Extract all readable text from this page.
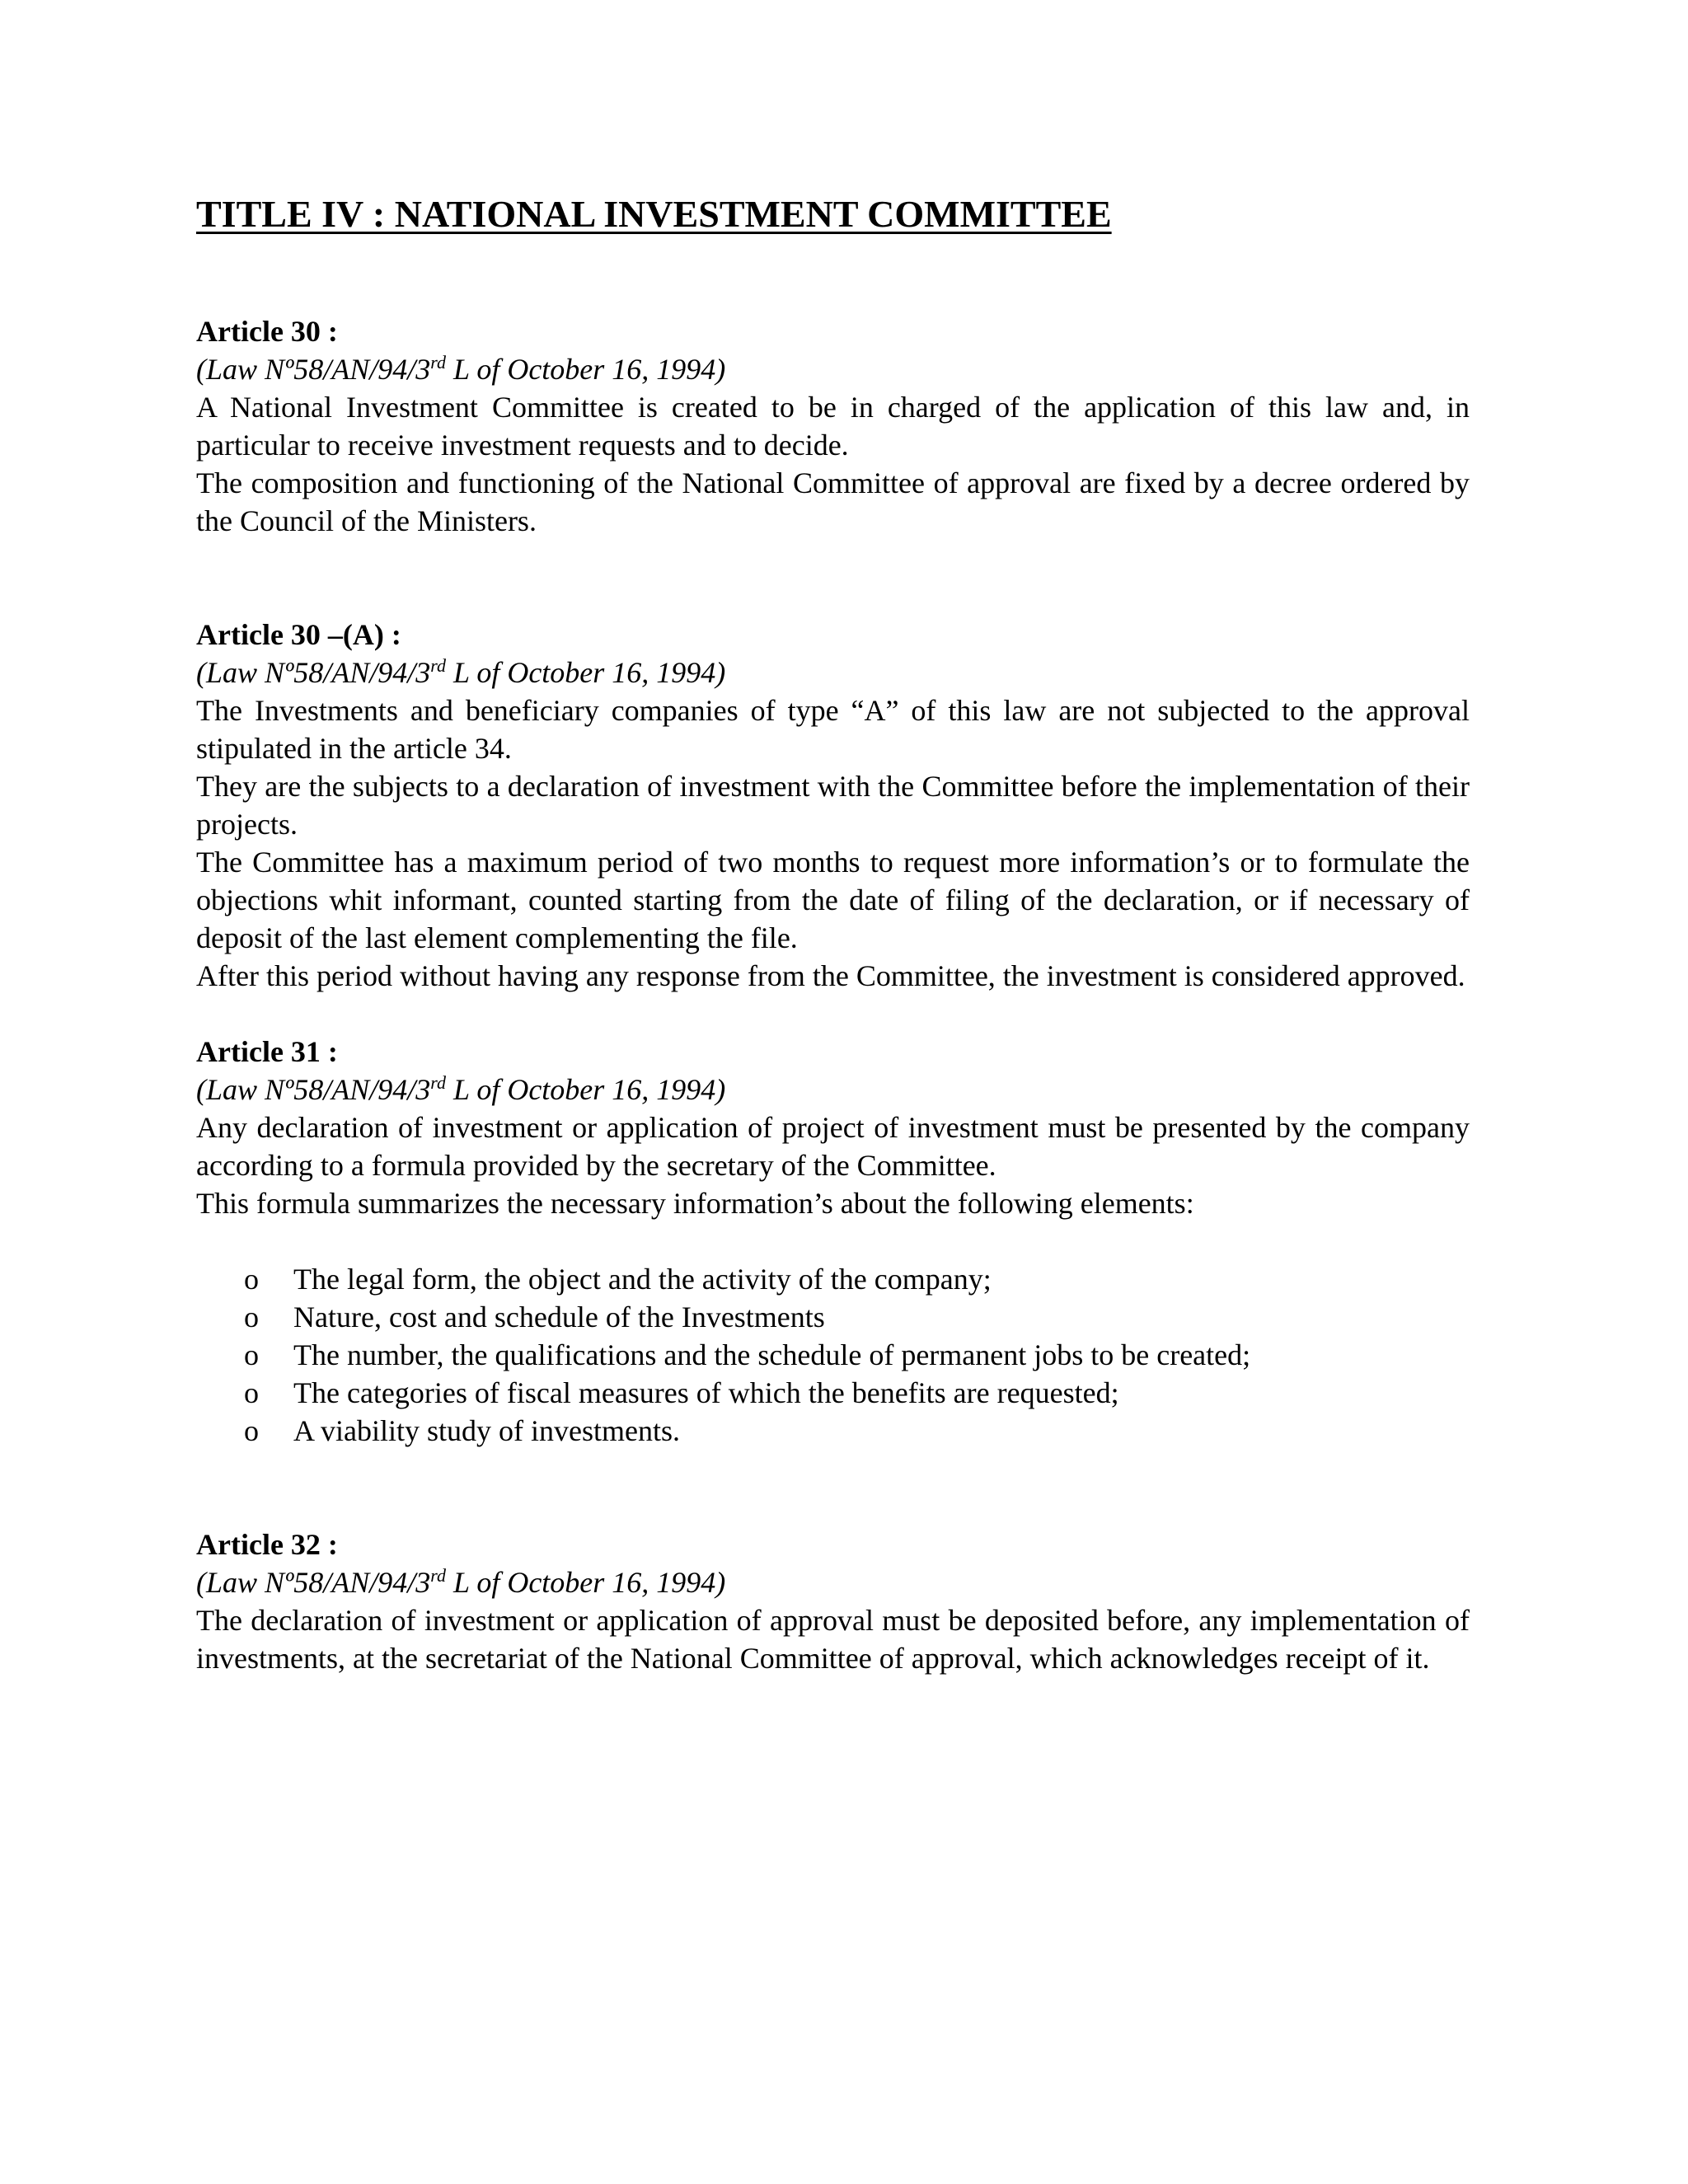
TITLE IV : NATIONAL INVESTMENT COMMITTEE
Article 30 :
(Law Nº58/AN/94/3rd L of October 16, 1994)

A National Investment Committee is created to be in charged of the application of this law and, in particular to receive investment requests and to decide.

The composition and functioning of the National Committee of approval are fixed by a decree ordered by the Council of the Ministers.

Article 30 –(A) :
(Law Nº58/AN/94/3rd L of October 16, 1994)

The Investments and beneficiary companies of type “A” of this law are not subjected to the approval stipulated in the article 34.

They are the subjects to a declaration of investment with the Committee before the implementation of their projects.

The Committee has a maximum period of two months to request more information’s or to formulate the objections whit informant, counted starting from the date of filing of the declaration, or if necessary of deposit of the last element complementing the file.

After this period without having any response from the Committee, the investment is considered approved.

Article 31 :
(Law Nº58/AN/94/3rd L of October 16, 1994)

Any declaration of investment or application of project of investment must be presented by the company according to a formula provided by the secretary of the Committee.

This formula summarizes the necessary information’s about the following elements:

o The legal form, the object and the activity of the company;
o Nature, cost and schedule of the Investments
o The number, the qualifications and the schedule of permanent jobs to be created;
o The categories of fiscal measures of which the benefits are requested;
o A viability study of investments.
Article 32 :
(Law Nº58/AN/94/3rd L of October 16, 1994)

The declaration of investment or application of approval must be deposited before, any implementation of investments, at the secretariat of the National Committee of approval, which acknowledges receipt of it.
